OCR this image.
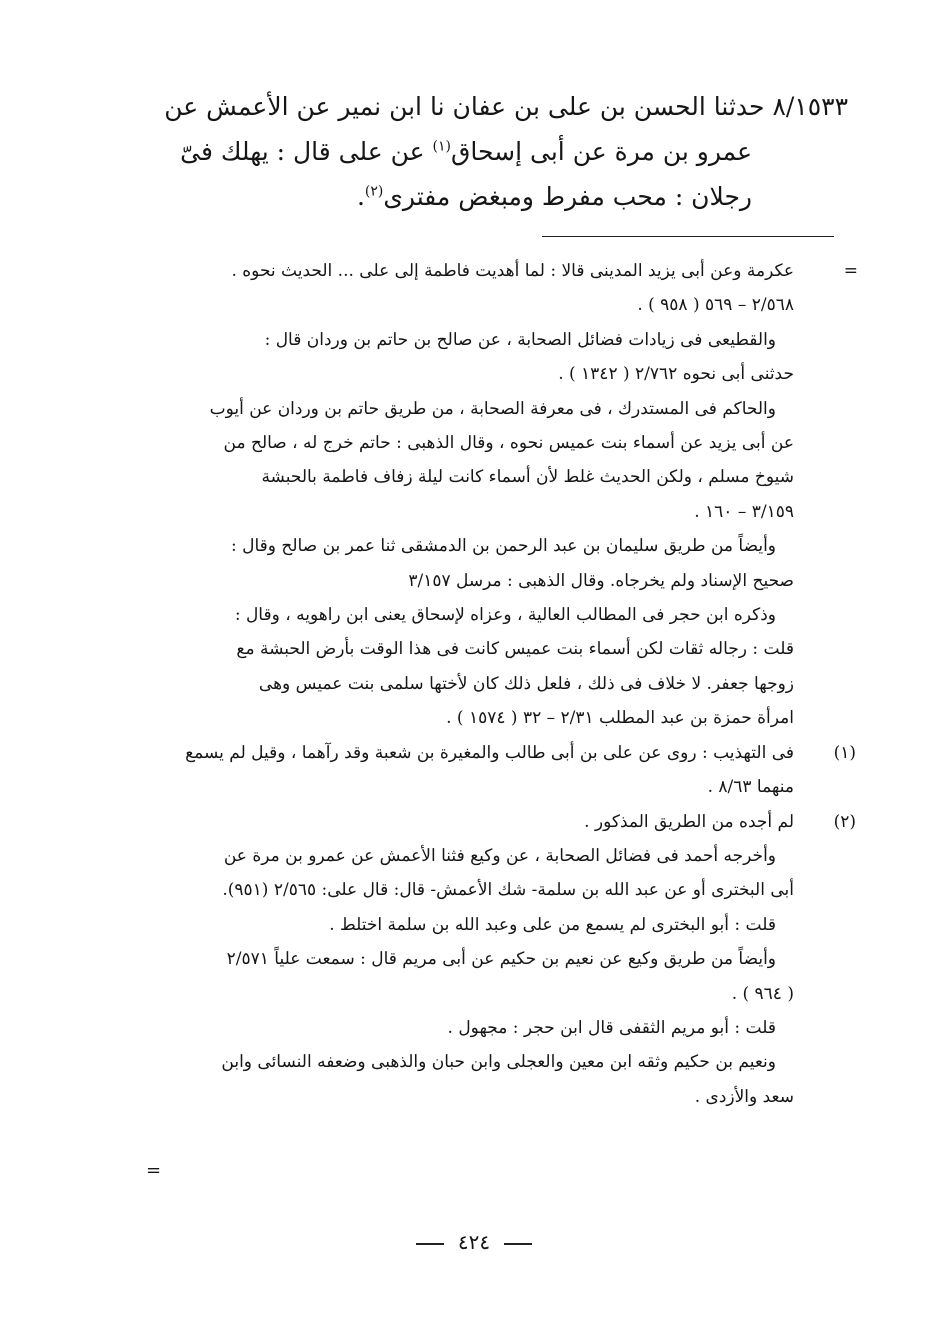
٨/١٥٣٣ حدثنا الحسن بن على بن عفان نا ابن نمير عن الأعمش عن
عمرو بن مرة عن أبى إسحاق$^{(١)}$ عن على قال : يهلك فىّ
رجلان : محب مفرط ومبغض مفترى$^{(٢)}$.
=
عكرمة وعن أبى يزيد المدينى قالا : لما أهديت فاطمة إلى على ... الحديث نحوه .
٢/٥٦٨ – ٥٦٩ ( ٩٥٨ ) .
والقطيعى فى زيادات فضائل الصحابة ، عن صالح بن حاتم بن وردان قال :
حدثنى أبى نحوه ٢/٧٦٢ ( ١٣٤٢ ) .
والحاكم فى المستدرك ، فى معرفة الصحابة ، من طريق حاتم بن وردان عن أيوب
عن أبى يزيد عن أسماء بنت عميس نحوه ، وقال الذهبى : حاتم خرج له ، صالح من
شيوخ مسلم ، ولكن الحديث غلط لأن أسماء كانت ليلة زفاف فاطمة بالحبشة
٣/١٥٩ – ١٦٠ .
وأيضاً من طريق سليمان بن عبد الرحمن بن الدمشقى ثنا عمر بن صالح وقال :
صحيح الإسناد ولم يخرجاه. وقال الذهبى : مرسل ٣/١٥٧
وذكره ابن حجر فى المطالب العالية ، وعزاه لإسحاق يعنى ابن راهويه ، وقال :
قلت : رجاله ثقات لكن أسماء بنت عميس كانت فى هذا الوقت بأرض الحبشة مع
زوجها جعفر. لا خلاف فى ذلك ، فلعل ذلك كان لأختها سلمى بنت عميس وهى
امرأة حمزة بن عبد المطلب ٢/٣١ – ٣٢ ( ١٥٧٤ ) .
(١)
فى التهذيب : روى عن على بن أبى طالب والمغيرة بن شعبة وقد رآهما ، وقيل لم يسمع
منهما ٨/٦٣ .
(٢)
لم أجده من الطريق المذكور .
وأخرجه أحمد فى فضائل الصحابة ، عن وكيع فثنا الأعمش عن عمرو بن مرة عن
أبى البخترى أو عن عبد الله بن سلمة- شك الأعمش- قال: قال على: ٢/٥٦٥ (٩٥١).
قلت : أبو البخترى لم يسمع من على وعبد الله بن سلمة اختلط .
وأيضاً من طريق وكيع عن نعيم بن حكيم عن أبى مريم قال : سمعت علياً ٢/٥٧١
( ٩٦٤ ) .
قلت : أبو مريم الثقفى قال ابن حجر : مجهول .
ونعيم بن حكيم وثقه ابن معين والعجلى وابن حبان والذهبى وضعفه النسائى وابن
سعد والأزدى .
=
٤٢٤
